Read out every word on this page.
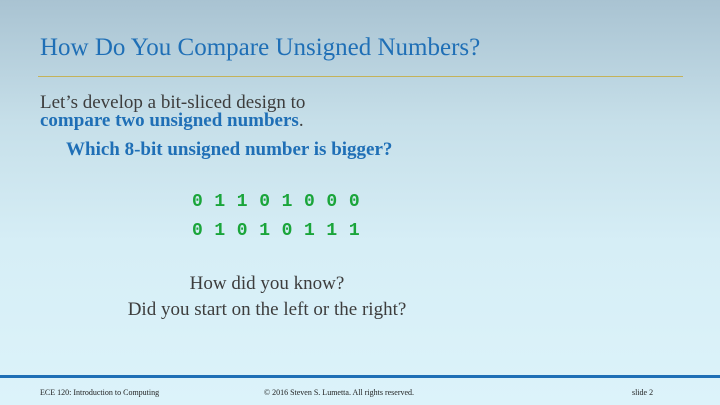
How Do You Compare Unsigned Numbers?
Let’s develop a bit-sliced design to
compare two unsigned numbers.
Which 8-bit unsigned number is bigger?
0 1 1 0 1 0 0 0
0 1 0 1 0 1 1 1
How did you know?
Did you start on the left or the right?
ECE 120: Introduction to Computing	© 2016 Steven S. Lumetta. All rights reserved.	slide 2
